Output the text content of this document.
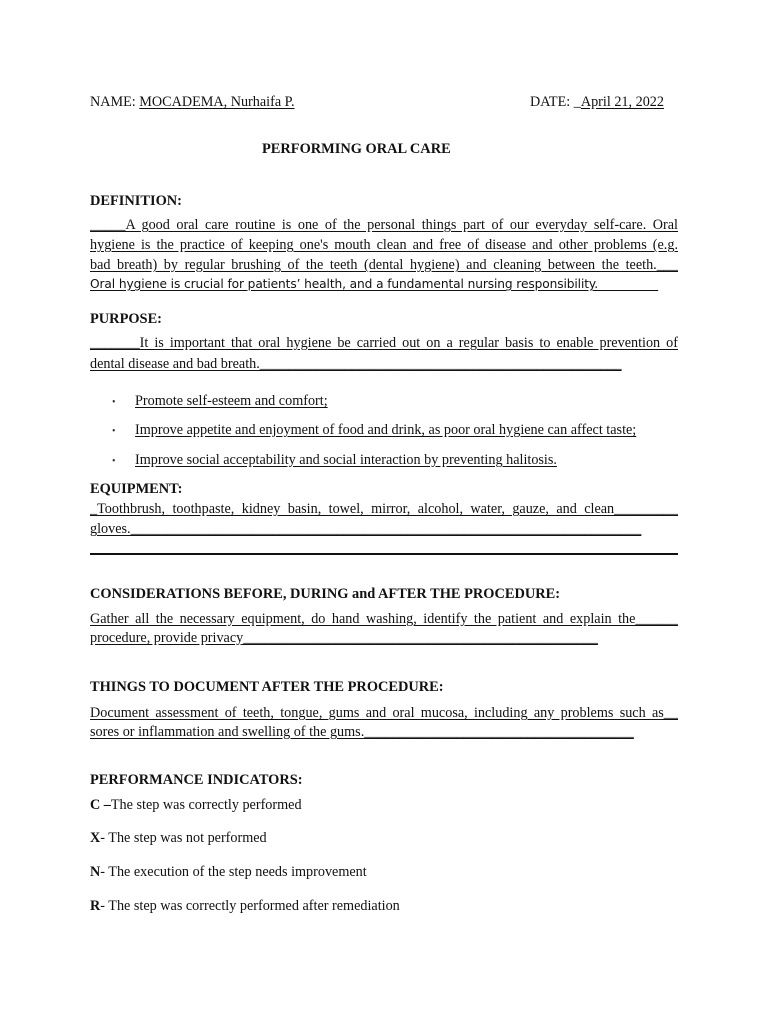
NAME: MOCADEMA, Nurhaifa P.	DATE: _April 21, 2022
PERFORMING ORAL CARE
DEFINITION:
_____A good oral care routine is one of the personal things part of our everyday self-care. Oral
hygiene is the practice of keeping one's mouth clean and free of disease and other problems (e.g.
bad breath) by regular brushing of the teeth (dental hygiene) and cleaning between the teeth.___
Oral hygiene is crucial for patients’ health, and a fundamental nursing responsibility.__________
PURPOSE:
_______It is important that oral hygiene be carried out on a regular basis to enable prevention of
dental disease and bad breath.___________________________________________________
• Promote self-esteem and comfort;
• Improve appetite and enjoyment of food and drink, as poor oral hygiene can affect taste;
• Improve social acceptability and social interaction by preventing halitosis.
EQUIPMENT:
_Toothbrush, toothpaste, kidney basin, towel, mirror, alcohol, water, gauze, and clean_________
gloves.________________________________________________________________________
CONSIDERATIONS BEFORE, DURING and AFTER THE PROCEDURE:
Gather all the necessary equipment, do hand washing, identify the patient and explain the______
procedure, provide privacy__________________________________________________
THINGS TO DOCUMENT AFTER THE PROCEDURE:
Document assessment of teeth, tongue, gums and oral mucosa, including any problems such as__
sores or inflammation and swelling of the gums.______________________________________
PERFORMANCE INDICATORS:
C –The step was correctly performed
X- The step was not performed
N- The execution of the step needs improvement
R- The step was correctly performed after remediation
